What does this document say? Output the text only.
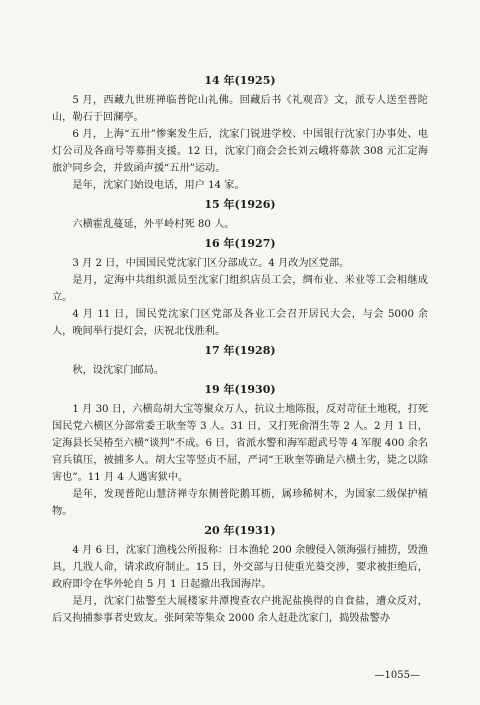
14 年(1925)

5 月，西藏九世班禅临普陀山礼佛。回藏后书《礼观音》文，派专人送至普陀山，勒石于回澜亭。

6 月，上海“五卅”惨案发生后，沈家门锐进学校、中国银行沈家门办事处、电灯公司及各商号等募捐支援。12 日，沈家门商会会长刘云峨将募款 308 元汇定海旅沪同乡会，并致函声援“五卅”运动。

是年，沈家门始设电话，用户 14 家。

15 年(1926)

六横霍乱蔓延，外平岭村死 80 人。

16 年(1927)

3 月 2 日，中国国民党沈家门区分部成立。4 月改为区党部。

是月，定海中共组织派员至沈家门组织店员工会，绸布业、米业等工会相继成立。

4 月 11 日，国民党沈家门区党部及各业工会召开居民大会，与会 5000 余人，晚间举行提灯会，庆祝北伐胜利。

17 年(1928)

秋，设沈家门邮局。

19 年(1930)

1 月 30 日，六横岛胡大宝等聚众万人，抗议土地陈报，反对苛征土地税，打死国民党六横区分部常委王耿奎等 3 人。31 日，又打死俞渭生等 2 人。2 月 1 日，定海县长吴椿至六横“谈判”不成。6 日，省派水警和海军超武号等 4 军舰 400 余名官兵镇压，被捕多人。胡大宝等竖贞不屈，严词“王耿奎等确是六横土劣，毙之以除害也”。11 月 4 人遇害狱中。

是年，发现普陀山慧济禅寺东侧普陀鹅耳枥，属珍稀树木，为国家二级保护植物。

20 年(1931)

4 月 6 日，沈家门渔栈公所报称：日本渔轮 200 余艘侵入领海强行捕捞，毁渔具，几戕人命，请求政府制止。15 日，外交部与日使重光葵交涉，要求被拒绝后，政府即令在华外轮自 5 月 1 日起撤出我国海岸。

是月，沈家门盐警至大展楼家井潭搜查农户挑泥盐换得的自食盐，遭众反对，后又拘捕参事者史致友。张阿荣等集众 2000 余人赶赴沈家门，捣毁盐警办

—1055—
